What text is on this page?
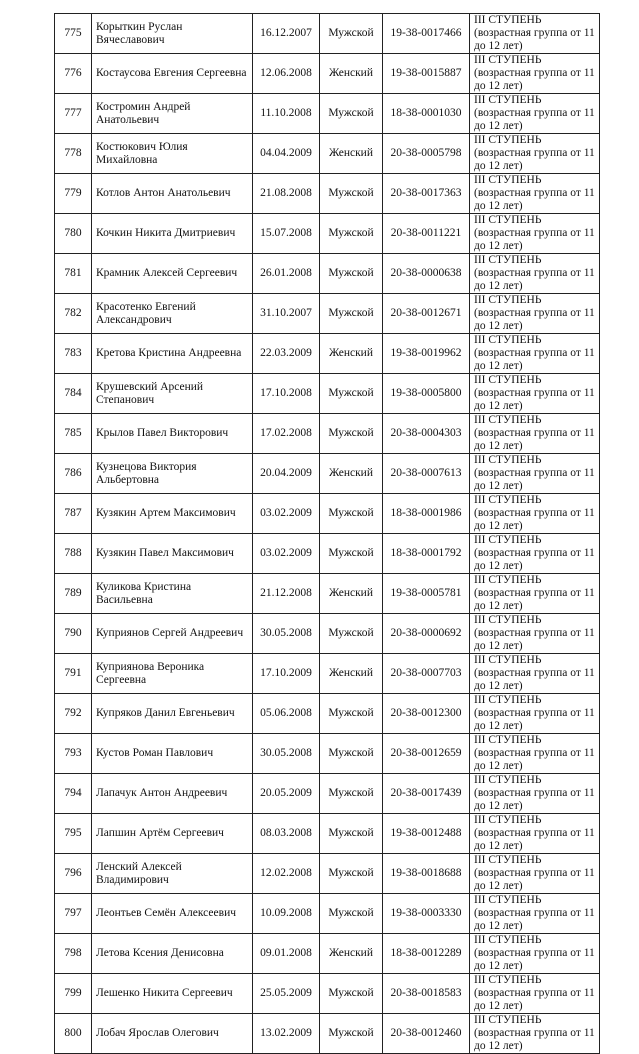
775	Корыткин Руслан Вячеславович	16.12.2007	Мужской	19-38-0017466	III СТУПЕНЬ (возрастная группа от 11 до 12 лет)
776	Костаусова Евгения Сергеевна	12.06.2008	Женский	19-38-0015887	III СТУПЕНЬ (возрастная группа от 11 до 12 лет)
777	Костромин Андрей Анатольевич	11.10.2008	Мужской	18-38-0001030	III СТУПЕНЬ (возрастная группа от 11 до 12 лет)
778	Костюкович Юлия Михайловна	04.04.2009	Женский	20-38-0005798	III СТУПЕНЬ (возрастная группа от 11 до 12 лет)
779	Котлов Антон Анатольевич	21.08.2008	Мужской	20-38-0017363	III СТУПЕНЬ (возрастная группа от 11 до 12 лет)
780	Кочкин Никита Дмитриевич	15.07.2008	Мужской	20-38-0011221	III СТУПЕНЬ (возрастная группа от 11 до 12 лет)
781	Крамник Алексей Сергеевич	26.01.2008	Мужской	20-38-0000638	III СТУПЕНЬ (возрастная группа от 11 до 12 лет)
782	Красотенко Евгений Александрович	31.10.2007	Мужской	20-38-0012671	III СТУПЕНЬ (возрастная группа от 11 до 12 лет)
783	Кретова Кристина Андреевна	22.03.2009	Женский	19-38-0019962	III СТУПЕНЬ (возрастная группа от 11 до 12 лет)
784	Крушевский Арсений Степанович	17.10.2008	Мужской	19-38-0005800	III СТУПЕНЬ (возрастная группа от 11 до 12 лет)
785	Крылов Павел Викторович	17.02.2008	Мужской	20-38-0004303	III СТУПЕНЬ (возрастная группа от 11 до 12 лет)
786	Кузнецова Виктория Альбертовна	20.04.2009	Женский	20-38-0007613	III СТУПЕНЬ (возрастная группа от 11 до 12 лет)
787	Кузякин Артем Максимович	03.02.2009	Мужской	18-38-0001986	III СТУПЕНЬ (возрастная группа от 11 до 12 лет)
788	Кузякин Павел Максимович	03.02.2009	Мужской	18-38-0001792	III СТУПЕНЬ (возрастная группа от 11 до 12 лет)
789	Куликова Кристина Васильевна	21.12.2008	Женский	19-38-0005781	III СТУПЕНЬ (возрастная группа от 11 до 12 лет)
790	Куприянов Сергей Андреевич	30.05.2008	Мужской	20-38-0000692	III СТУПЕНЬ (возрастная группа от 11 до 12 лет)
791	Куприянова Вероника Сергеевна	17.10.2009	Женский	20-38-0007703	III СТУПЕНЬ (возрастная группа от 11 до 12 лет)
792	Купряков Данил Евгеньевич	05.06.2008	Мужской	20-38-0012300	III СТУПЕНЬ (возрастная группа от 11 до 12 лет)
793	Кустов Роман Павлович	30.05.2008	Мужской	20-38-0012659	III СТУПЕНЬ (возрастная группа от 11 до 12 лет)
794	Лапачук Антон Андреевич	20.05.2009	Мужской	20-38-0017439	III СТУПЕНЬ (возрастная группа от 11 до 12 лет)
795	Лапшин Артём Сергеевич	08.03.2008	Мужской	19-38-0012488	III СТУПЕНЬ (возрастная группа от 11 до 12 лет)
796	Ленский Алексей Владимирович	12.02.2008	Мужской	19-38-0018688	III СТУПЕНЬ (возрастная группа от 11 до 12 лет)
797	Леонтьев Семён Алексеевич	10.09.2008	Мужской	19-38-0003330	III СТУПЕНЬ (возрастная группа от 11 до 12 лет)
798	Летова Ксения Денисовна	09.01.2008	Женский	18-38-0012289	III СТУПЕНЬ (возрастная группа от 11 до 12 лет)
799	Лешенко Никита Сергеевич	25.05.2009	Мужской	20-38-0018583	III СТУПЕНЬ (возрастная группа от 11 до 12 лет)
800	Лобач Ярослав Олегович	13.02.2009	Мужской	20-38-0012460	III СТУПЕНЬ (возрастная группа от 11 до 12 лет)
